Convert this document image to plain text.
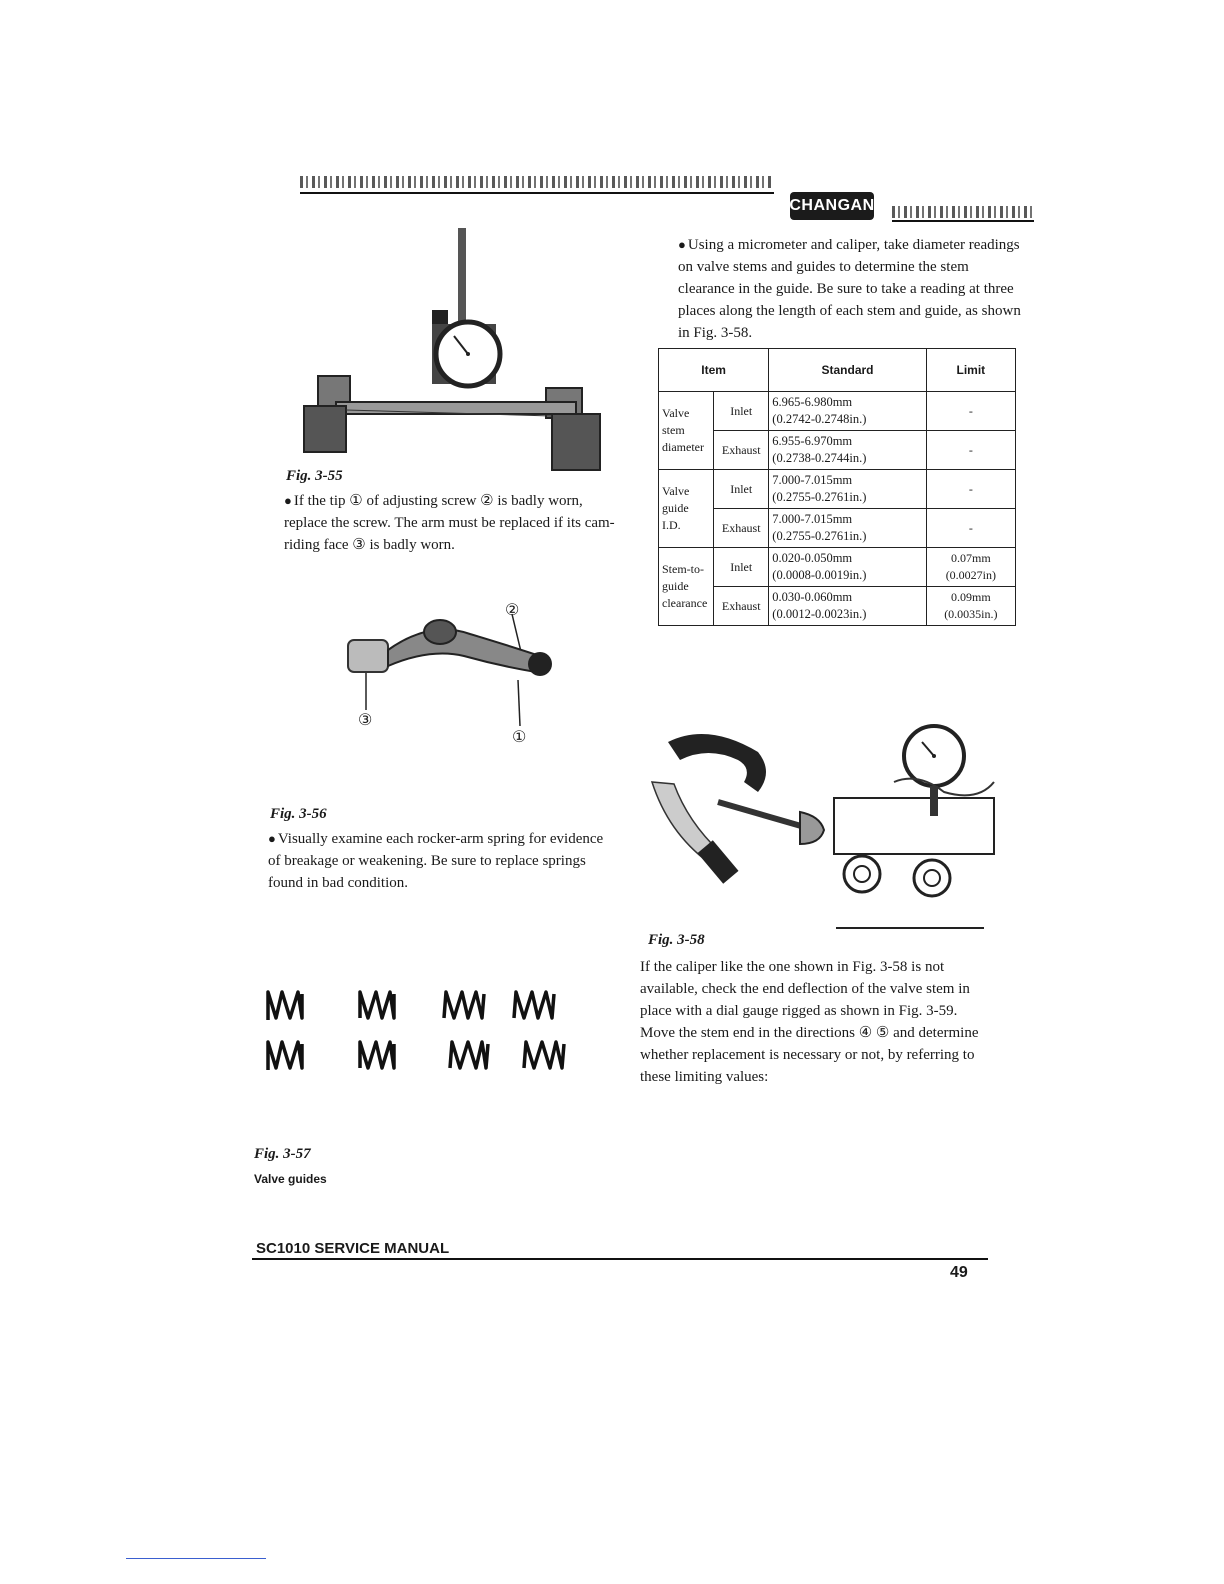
CHANGAN
Fig. 3-55
● If the tip ① of adjusting screw ② is badly worn, replace the screw. The arm must be replaced if its cam-riding face ③ is badly worn.
②
③
①
Fig. 3-56
● Visually examine each rocker-arm spring for evidence of breakage or weakening. Be sure to replace springs found in bad condition.
Fig. 3-57
Valve guides
● Using a micrometer and caliper, take diameter readings on valve stems and guides to determine the stem clearance in the guide. Be sure to take a reading at three places along the length of each stem and guide, as shown in Fig. 3-58.
Item		Standard	Limit
Valve stem diameter	Inlet	6.965-6.980mm
(0.2742-0.2748in.)	-
	Exhaust	6.955-6.970mm
(0.2738-0.2744in.)	-
Valve guide I.D.	Inlet	7.000-7.015mm
(0.2755-0.2761in.)	-
	Exhaust	7.000-7.015mm
(0.2755-0.2761in.)	-
Stem-to-guide clearance	Inlet	0.020-0.050mm
(0.0008-0.0019in.)	0.07mm
(0.0027in)
	Exhaust	0.030-0.060mm
(0.0012-0.0023in.)	0.09mm
(0.0035in.)
Fig. 3-58
If the caliper like the one shown in Fig. 3-58 is not available, check the end deflection of the valve stem in place with a dial gauge rigged as shown in Fig. 3-59. Move the stem end in the directions ④ ⑤ and determine whether replacement is necessary or not, by referring to these limiting values:
SC1010 SERVICE MANUAL
49
